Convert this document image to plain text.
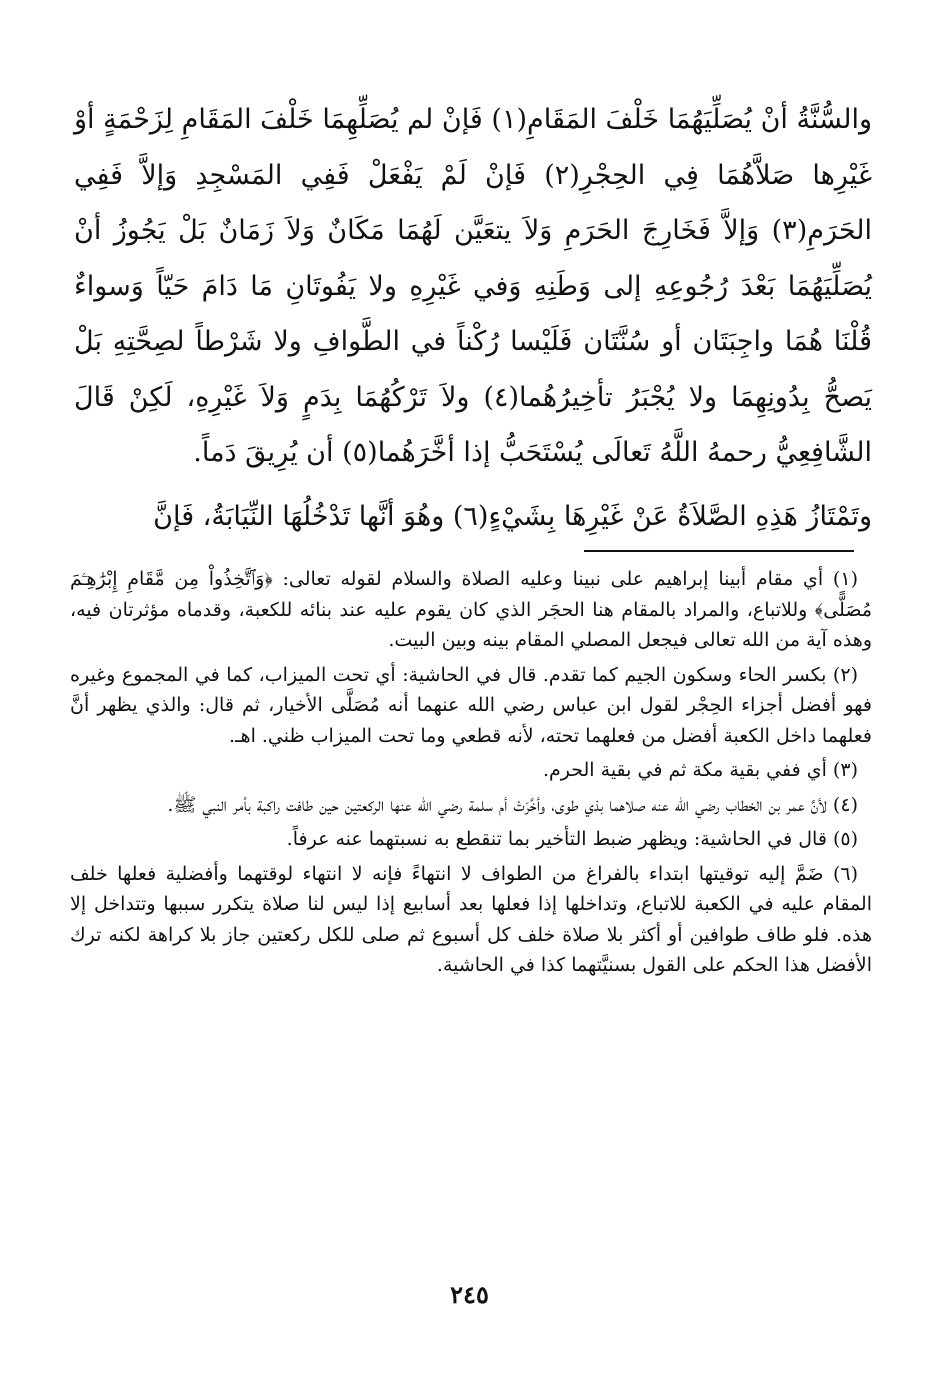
والسُّنَّةُ أنْ يُصَلِّيَهُمَا خَلْفَ المَقَامِ(١) فَإنْ لم يُصَلِّهِمَا خَلْفَ المَقَامِ لِزَحْمَةٍ أوْ غَيْرِها صَلاَّهُمَا فِي الحِجْرِ(٢) فَإنْ لَمْ يَفْعَلْ فَفِي المَسْجِدِ وَإلاَّ فَفِي الحَرَمِ(٣) وَإلاَّ فَخَارِجَ الحَرَمِ وَلاَ يتعَيَّن لَهُمَا مَكَانٌ وَلاَ زَمَانٌ بَلْ يَجُوزُ أنْ يُصَلِّيَهُمَا بَعْدَ رُجُوعِهِ إلى وَطَنِهِ وَفي غَيْرِهِ ولا يَفُوتَانِ مَا دَامَ حَيّاً وَسواءٌ قُلْنَا هُمَا واجِبَتَان أو سُنَّتَان فَلَيْسا رُكْناً في الطَّوافِ ولا شَرْطاً لصِحَّتِهِ بَلْ يَصحُّ بِدُونِهِمَا ولا يُجْبَرُ تأخِيرُهُما(٤) ولاَ تَرْكُهُمَا بِدَمٍ وَلاَ غَيْرِهِ، لَكِنْ قَالَ الشَّافِعِيُّ رحمهُ اللَّهُ تَعالَى يُسْتَحَبُّ إذا أخَّرَهُما(٥) أن يُرِيقَ دَماً.

وتَمْتَازُ هَذِهِ الصَّلاَةُ عَنْ غَيْرِهَا بِشَيْءٍ(٦) وهُوَ أنَّها تَدْخُلُهَا النِّيَابَةُ، فَإنَّ

(١) أي مقام أبينا إبراهيم على نبينا وعليه الصلاة والسلام لقوله تعالى: ﴿وَٱتَّخِذُواْ مِن مَّقَامِ إِبْرَٰهِـۧمَ مُصَلًّى﴾ وللاتباع، والمراد بالمقام هنا الحجَر الذي كان يقوم عليه عند بنائه للكعبة، وقدماه مؤثرتان فيه، وهذه آية من الله تعالى فيجعل المصلي المقام بينه وبين البيت.

(٢) بكسر الحاء وسكون الجيم كما تقدم. قال في الحاشية: أي تحت الميزاب، كما في المجموع وغيره فهو أفضل أجزاء الحِجْر لقول ابن عباس رضي الله عنهما أنه مُصَلَّى الأخيار، ثم قال: والذي يظهر أنَّ فعلهما داخل الكعبة أفضل من فعلهما تحته، لأنه قطعي وما تحت الميزاب ظني. اهـ.

(٣) أي ففي بقية مكة ثم في بقية الحرم.

(٤) لأنَّ عمر بن الخطاب رضي الله عنه صلاهما بذي طوى، وأخَّرَتْ أم سلمة رضي الله عنها الركعتين حين طافت راكبة بأمر النبي ﷺ.

(٥) قال في الحاشية: ويظهر ضبط التأخير بما تنقطع به نسبتهما عنه عرفاً.

(٦) ضَمَّ إليه توقيتها ابتداء بالفراغ من الطواف لا انتهاءً فإنه لا انتهاء لوقتهما وأفضلية فعلها خلف المقام عليه في الكعبة للاتباع، وتداخلها إذا فعلها بعد أسابيع إذا ليس لنا صلاة يتكرر سببها وتتداخل إلا هذه. فلو طاف طوافين أو أكثر بلا صلاة خلف كل أسبوع ثم صلى للكل ركعتين جاز بلا كراهة لكنه ترك الأفضل هذا الحكم على القول بسنيَّتهما كذا في الحاشية.

٢٤٥
